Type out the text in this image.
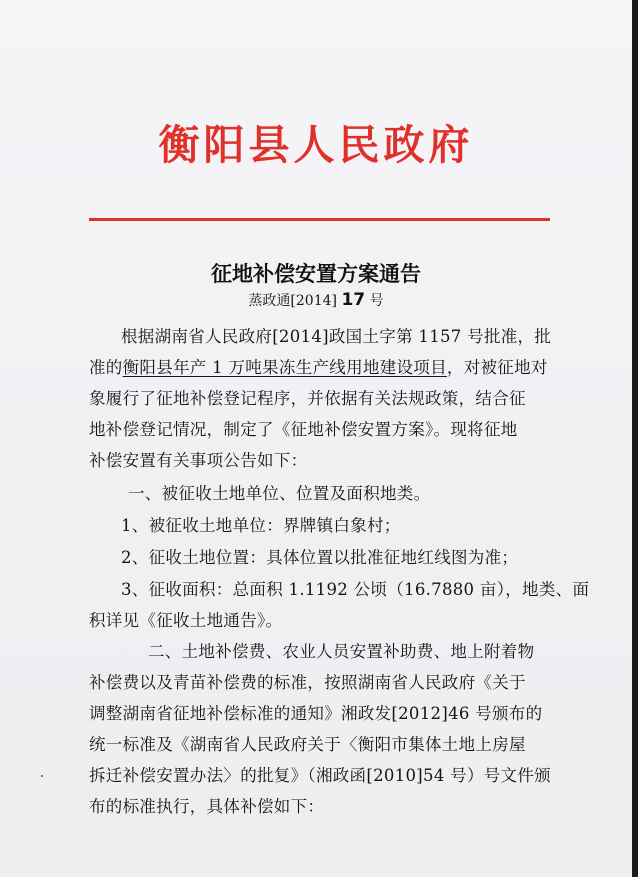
衡阳县人民政府
征地补偿安置方案通告
蒸政通[2014] 17 号
根据湖南省人民政府[2014]政国土字第 1157 号批准，批
准的衡阳县年产 1 万吨果冻生产线用地建设项目，对被征地对
象履行了征地补偿登记程序，并依据有关法规政策，结合征
地补偿登记情况，制定了《征地补偿安置方案》。现将征地
补偿安置有关事项公告如下：
一、被征收土地单位、位置及面积地类。
1、被征收土地单位：界牌镇白象村；
2、征收土地位置：具体位置以批准征地红线图为准；
3、征收面积：总面积 1.1192 公顷（16.7880 亩），地类、面
积详见《征收土地通告》。
二、土地补偿费、农业人员安置补助费、地上附着物
补偿费以及青苗补偿费的标准，按照湖南省人民政府《关于
调整湖南省征地补偿标准的通知》湘政发[2012]46 号颁布的
统一标准及《湖南省人民政府关于〈衡阳市集体土地上房屋
拆迁补偿安置办法〉的批复》（湘政函[2010]54 号）号文件颁
布的标准执行，具体补偿如下：
